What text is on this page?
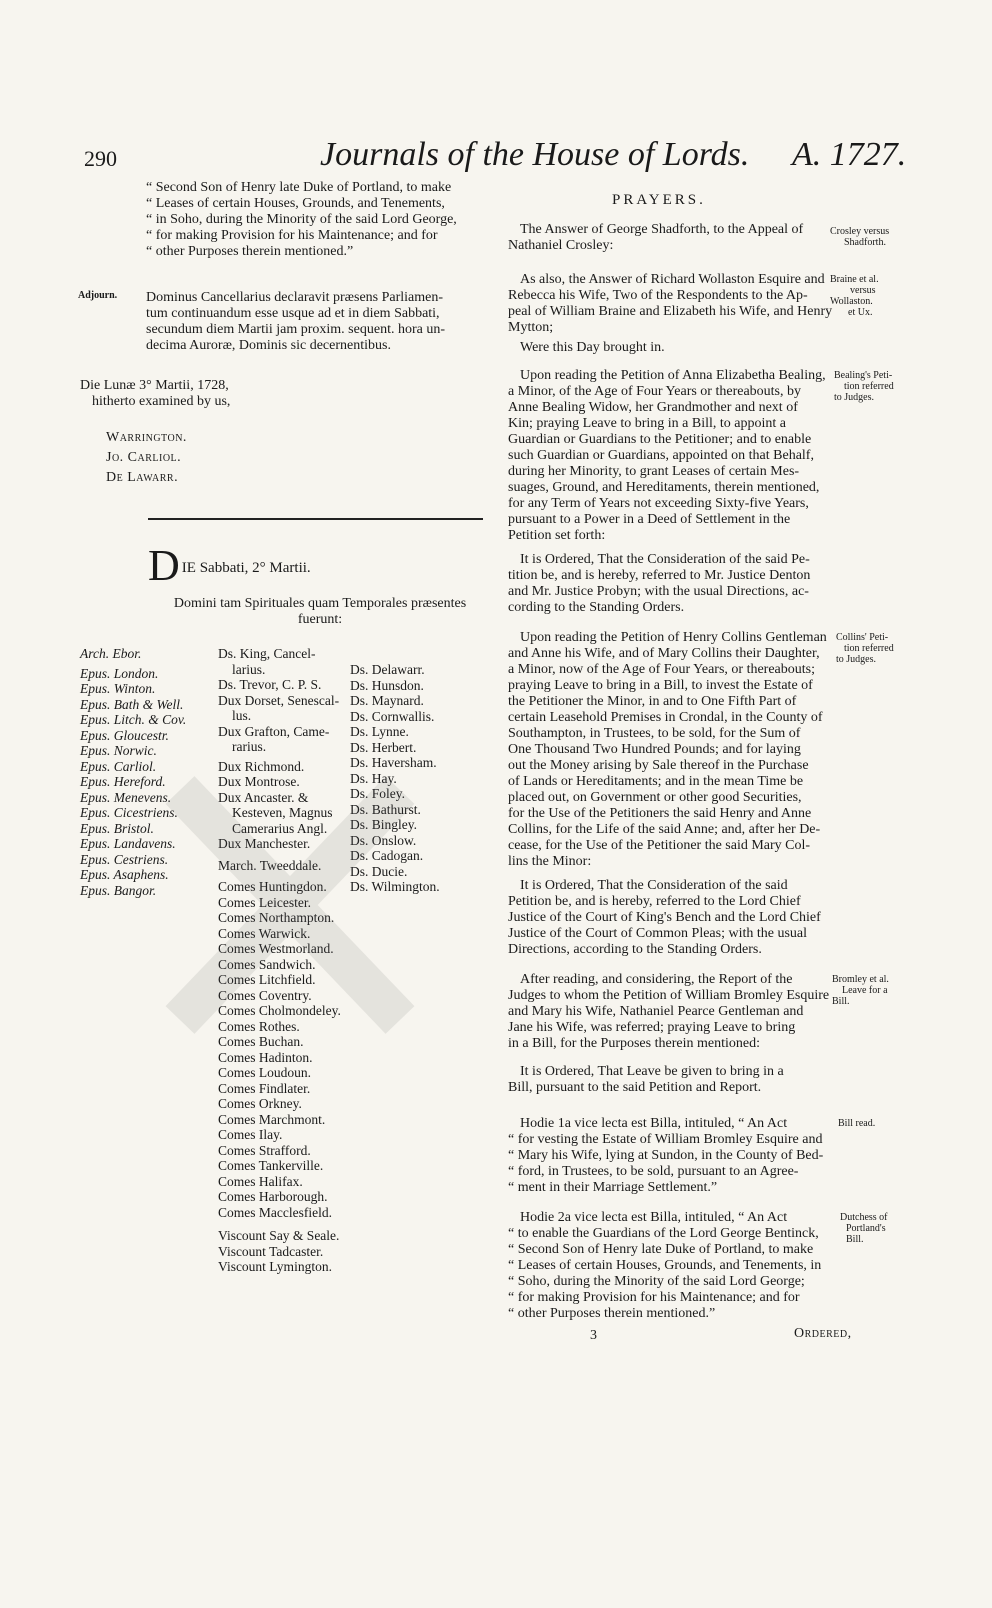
290	Journals of the House of Lords. A. 1727.
“ Second Son of Henry late Duke of Portland, to make
“ Leases of certain Houses, Grounds, and Tenements,
“ in Soho, during the Minority of the said Lord George,
“ for making Provision for his Maintenance; and for
“ other Purposes therein mentioned.”
Adjourn. Dominus Cancellarius declaravit præsens Parliamen-
tum continuandum esse usque ad et in diem Sabbati,
secundum diem Martii jam proxim. sequent. hora un-
decima Auroræ, Dominis sic decernentibus.
Die Lunæ 3° Martii, 1728,
hitherto examined by us,
Warrington.
Jo. Carliol.
De Lawarr.
D IE Sabbati, 2° Martii.
Domini tam Spirituales quam Temporales præsentes
fuerunt:
Arch. Ebor.
Epus. London.
Epus. Winton.
Epus. Bath & Well.
Epus. Litch. & Cov.
Epus. Gloucestr.
Epus. Norwic.
Epus. Carliol.
Epus. Hereford.
Epus. Menevens.
Epus. Cicestriens.
Epus. Bristol.
Epus. Landavens.
Epus. Cestriens.
Epus. Asaphens.
Epus. Bangor.
Ds. King, Cancel-
larius.
Ds. Trevor, C. P. S.
Dux Dorset, Senescal-
lus.
Dux Grafton, Came-
rarius.
Dux Richmond.
Dux Montrose.
Dux Ancaster. &
Kesteven, Magnus
Camerarius Angl.
Dux Manchester.
March. Tweeddale.
Comes Huntingdon.
Comes Leicester.
Comes Northampton.
Comes Warwick.
Comes Westmorland.
Comes Sandwich.
Comes Litchfield.
Comes Coventry.
Comes Cholmondeley.
Comes Rothes.
Comes Buchan.
Comes Hadinton.
Comes Loudoun.
Comes Findlater.
Comes Orkney.
Comes Marchmont.
Comes Ilay.
Comes Strafford.
Comes Tankerville.
Comes Halifax.
Comes Harborough.
Comes Macclesfield.
Viscount Say & Seale.
Viscount Tadcaster.
Viscount Lymington.
Ds. Delawarr.
Ds. Hunsdon.
Ds. Maynard.
Ds. Cornwallis.
Ds. Lynne.
Ds. Herbert.
Ds. Haversham.
Ds. Hay.
Ds. Foley.
Ds. Bathurst.
Ds. Bingley.
Ds. Onslow.
Ds. Cadogan.
Ds. Ducie.
Ds. Wilmington.
PRAYERS.
The Answer of George Shadforth, to the Appeal of
Nathaniel Crosley:
Crosley versus
Shadforth.
As also, the Answer of Richard Wollaston Esquire and
Rebecca his Wife, Two of the Respondents to the Ap-
peal of William Braine and Elizabeth his Wife, and Henry
Mytton;
Braine et al.
versus
Wollaston.
et Ux.
Were this Day brought in.
Upon reading the Petition of Anna Elizabetha Bealing,
a Minor, of the Age of Four Years or thereabouts, by
Anne Bealing Widow, her Grandmother and next of
Kin; praying Leave to bring in a Bill, to appoint a
Guardian or Guardians to the Petitioner; and to enable
such Guardian or Guardians, appointed on that Behalf,
during her Minority, to grant Leases of certain Mes-
suages, Ground, and Hereditaments, therein mentioned,
for any Term of Years not exceeding Sixty-five Years,
pursuant to a Power in a Deed of Settlement in the
Petition set forth:
Bealing's Peti-
tion referred
to Judges.
It is Ordered, That the Consideration of the said Pe-
tition be, and is hereby, referred to Mr. Justice Denton
and Mr. Justice Probyn; with the usual Directions, ac-
cording to the Standing Orders.
Upon reading the Petition of Henry Collins Gentleman
and Anne his Wife, and of Mary Collins their Daughter,
a Minor, now of the Age of Four Years, or thereabouts;
praying Leave to bring in a Bill, to invest the Estate of
the Petitioner the Minor, in and to One Fifth Part of
certain Leasehold Premises in Crondal, in the County of
Southampton, in Trustees, to be sold, for the Sum of
One Thousand Two Hundred Pounds; and for laying
out the Money arising by Sale thereof in the Purchase
of Lands or Hereditaments; and in the mean Time be
placed out, on Government or other good Securities,
for the Use of the Petitioners the said Henry and Anne
Collins, for the Life of the said Anne; and, after her De-
cease, for the Use of the Petitioner the said Mary Col-
lins the Minor:
Collins' Peti-
tion referred
to Judges.
It is Ordered, That the Consideration of the said
Petition be, and is hereby, referred to the Lord Chief
Justice of the Court of King's Bench and the Lord Chief
Justice of the Court of Common Pleas; with the usual
Directions, according to the Standing Orders.
After reading, and considering, the Report of the
Judges to whom the Petition of William Bromley Esquire
and Mary his Wife, Nathaniel Pearce Gentleman and
Jane his Wife, was referred; praying Leave to bring
in a Bill, for the Purposes therein mentioned:
Bromley et al.
Leave for a
Bill.
It is Ordered, That Leave be given to bring in a
Bill, pursuant to the said Petition and Report.
Hodie 1a vice lecta est Billa, intituled, “ An Act
“ for vesting the Estate of William Bromley Esquire and
“ Mary his Wife, lying at Sundon, in the County of Bed-
“ ford, in Trustees, to be sold, pursuant to an Agree-
“ ment in their Marriage Settlement.”
Bill read.
Hodie 2a vice lecta est Billa, intituled, “ An Act
“ to enable the Guardians of the Lord George Bentinck,
“ Second Son of Henry late Duke of Portland, to make
“ Leases of certain Houses, Grounds, and Tenements, in
“ Soho, during the Minority of the said Lord George;
“ for making Provision for his Maintenance; and for
“ other Purposes therein mentioned.”
Dutchess of
Portland's
Bill.
3	Ordered,
